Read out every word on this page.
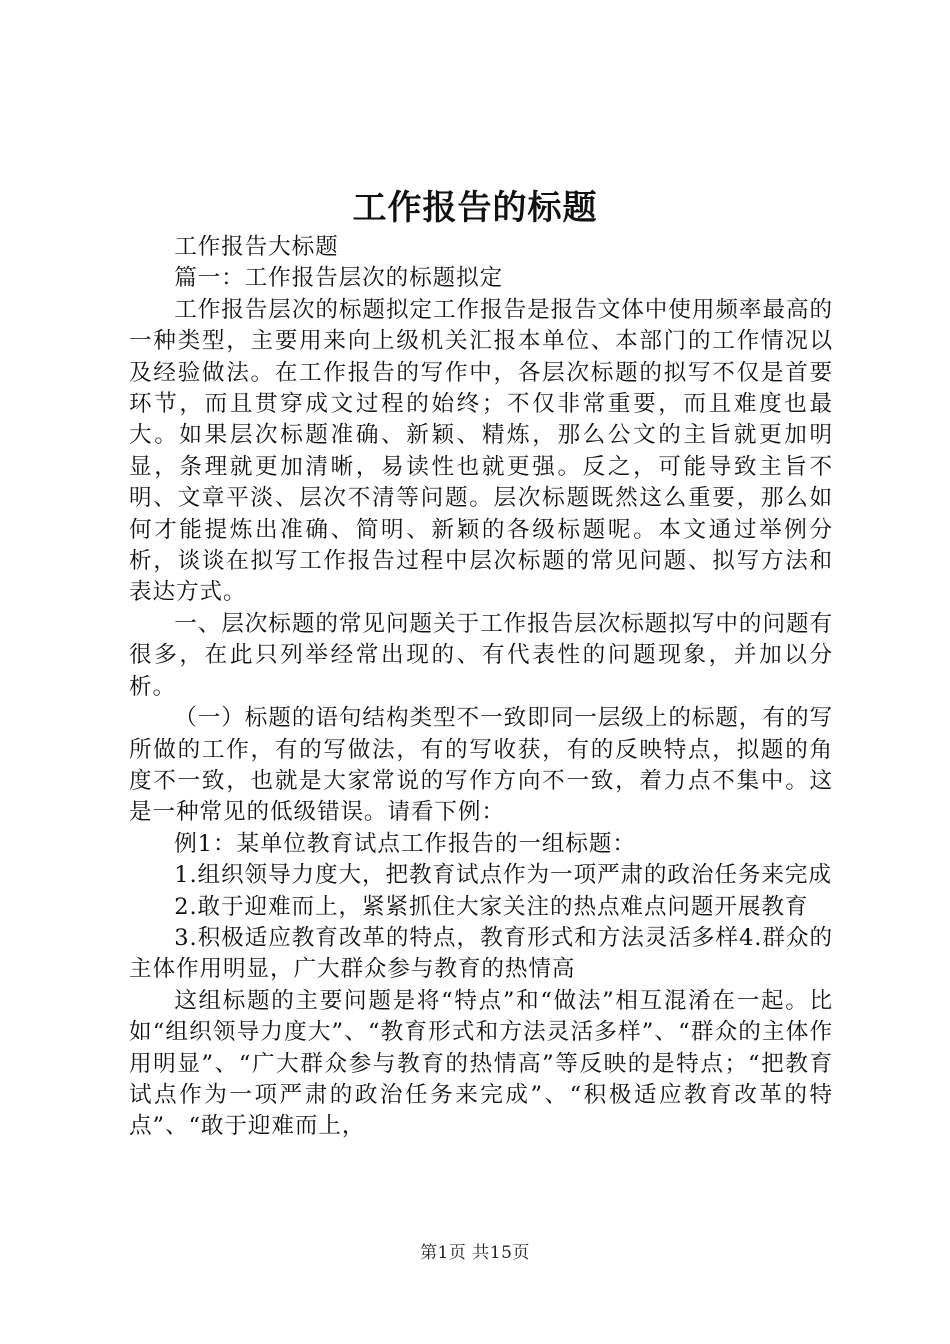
工作报告的标题

工作报告大标题

篇一：工作报告层次的标题拟定

工作报告层次的标题拟定工作报告是报告文体中使用频率最高的一种类型，主要用来向上级机关汇报本单位、本部门的工作情况以及经验做法。在工作报告的写作中，各层次标题的拟写不仅是首要环节，而且贯穿成文过程的始终；不仅非常重要，而且难度也最大。如果层次标题准确、新颖、精炼，那么公文的主旨就更加明显，条理就更加清晰，易读性也就更强。反之，可能导致主旨不明、文章平淡、层次不清等问题。层次标题既然这么重要，那么如何才能提炼出准确、简明、新颖的各级标题呢。本文通过举例分析，谈谈在拟写工作报告过程中层次标题的常见问题、拟写方法和表达方式。

一、层次标题的常见问题关于工作报告层次标题拟写中的问题有很多，在此只列举经常出现的、有代表性的问题现象，并加以分析。

（一）标题的语句结构类型不一致即同一层级上的标题，有的写所做的工作，有的写做法，有的写收获，有的反映特点，拟题的角度不一致，也就是大家常说的写作方向不一致，着力点不集中。这是一种常见的低级错误。请看下例：

例1：某单位教育试点工作报告的一组标题：

1.组织领导力度大，把教育试点作为一项严肃的政治任务来完成

2.敢于迎难而上，紧紧抓住大家关注的热点难点问题开展教育

3.积极适应教育改革的特点，教育形式和方法灵活多样4.群众的主体作用明显，广大群众参与教育的热情高

这组标题的主要问题是将“特点”和“做法”相互混淆在一起。比如“组织领导力度大”、“教育形式和方法灵活多样”、“群众的主体作用明显”、“广大群众参与教育的热情高”等反映的是特点；“把教育试点作为一项严肃的政治任务来完成”、“积极适应教育改革的特点”、“敢于迎难而上，

第1页 共15页
